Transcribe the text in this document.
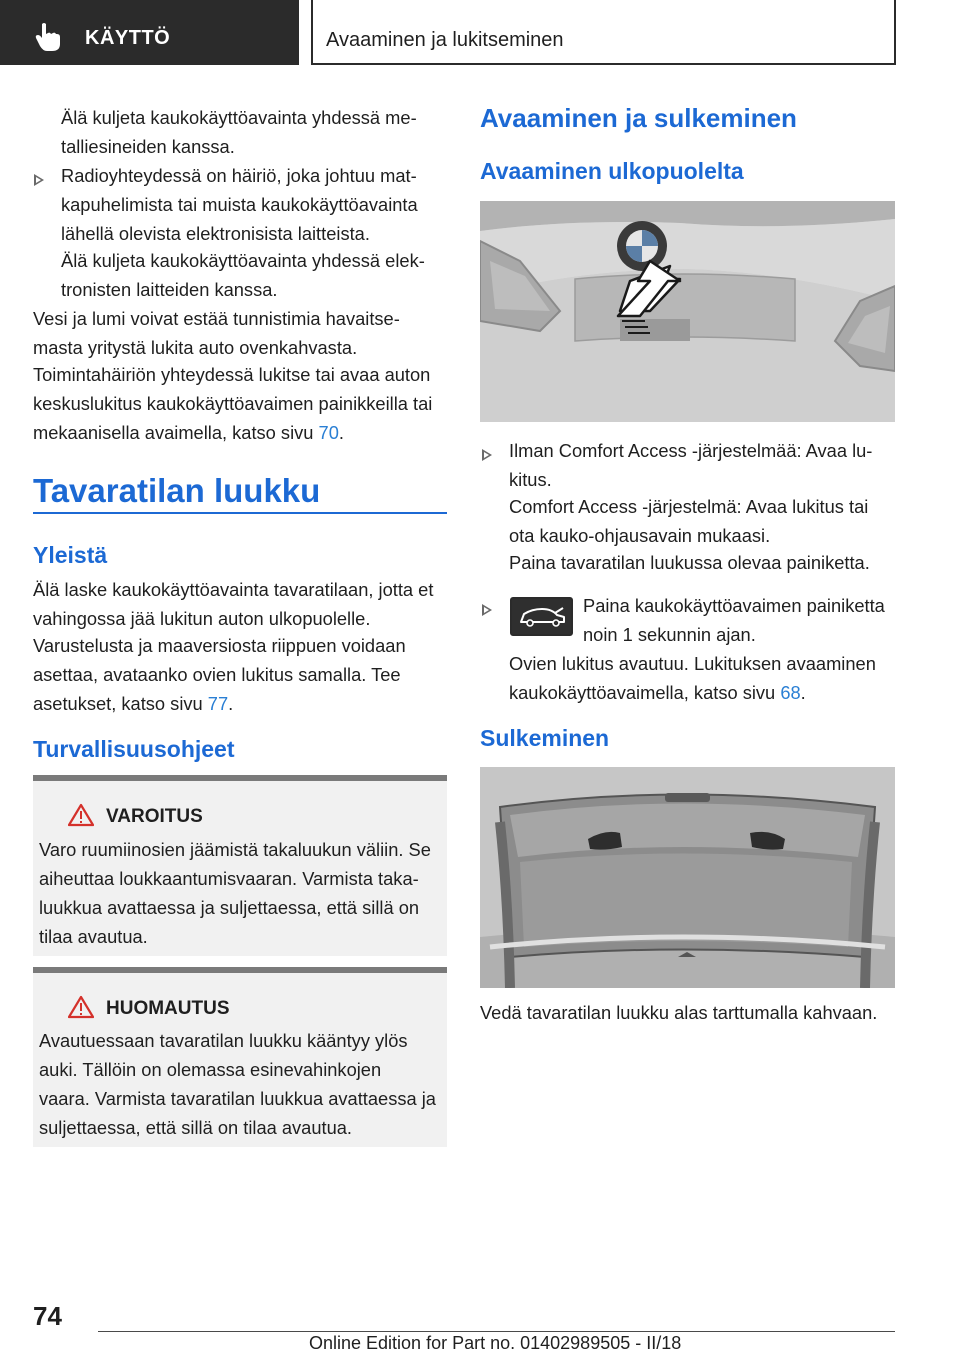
KÄYTTÖ	Avaaminen ja lukitseminen
Älä kuljeta kaukokäyttöavainta yhdessä me-
talliesineiden kanssa.
Radioyhteydessä on häiriö, joka johtuu mat-
kapuhelimista tai muista kaukokäyttöavainta
lähellä olevista elektronisista laitteista.
Älä kuljeta kaukokäyttöavainta yhdessä elek-
tronisten laitteiden kanssa.
Vesi ja lumi voivat estää tunnistimia havaitse-
masta yritystä lukita auto ovenkahvasta.
Toimintahäiriön yhteydessä lukitse tai avaa auton
keskuslukitus kaukokäyttöavaimen painikkeilla tai
mekaanisella avaimella, katso sivu 70.
Tavaratilan luukku
Yleistä
Älä laske kaukokäyttöavainta tavaratilaan, jotta et
vahingossa jää lukitun auton ulkopuolelle.
Varustelusta ja maaversiosta riippuen voidaan
asettaa, avataanko ovien lukitus samalla. Tee
asetukset, katso sivu 77.
Turvallisuusohjeet
VAROITUS
Varo ruumiinosien jäämistä takaluukun väliin. Se
aiheuttaa loukkaantumisvaaran. Varmista taka-
luukkua avattaessa ja suljettaessa, että sillä on
tilaa avautua.
HUOMAUTUS
Avautuessaan tavaratilan luukku kääntyy ylös
auki. Tällöin on olemassa esinevahinkojen
vaara. Varmista tavaratilan luukkua avattaessa ja
suljettaessa, että sillä on tilaa avautua.
Avaaminen ja sulkeminen
Avaaminen ulkopuolelta
Ilman Comfort Access -järjestelmää: Avaa lu-
kitus.
Comfort Access -järjestelmä: Avaa lukitus tai
ota kauko-ohjausavain mukaasi.
Paina tavaratilan luukussa olevaa painiketta.
Paina kaukokäyttöavaimen painiketta
noin 1 sekunnin ajan.
Ovien lukitus avautuu. Lukituksen avaaminen
kaukokäyttöavaimella, katso sivu 68.
Sulkeminen
Vedä tavaratilan luukku alas tarttumalla kahvaan.
74
Online Edition for Part no. 01402989505 - II/18
